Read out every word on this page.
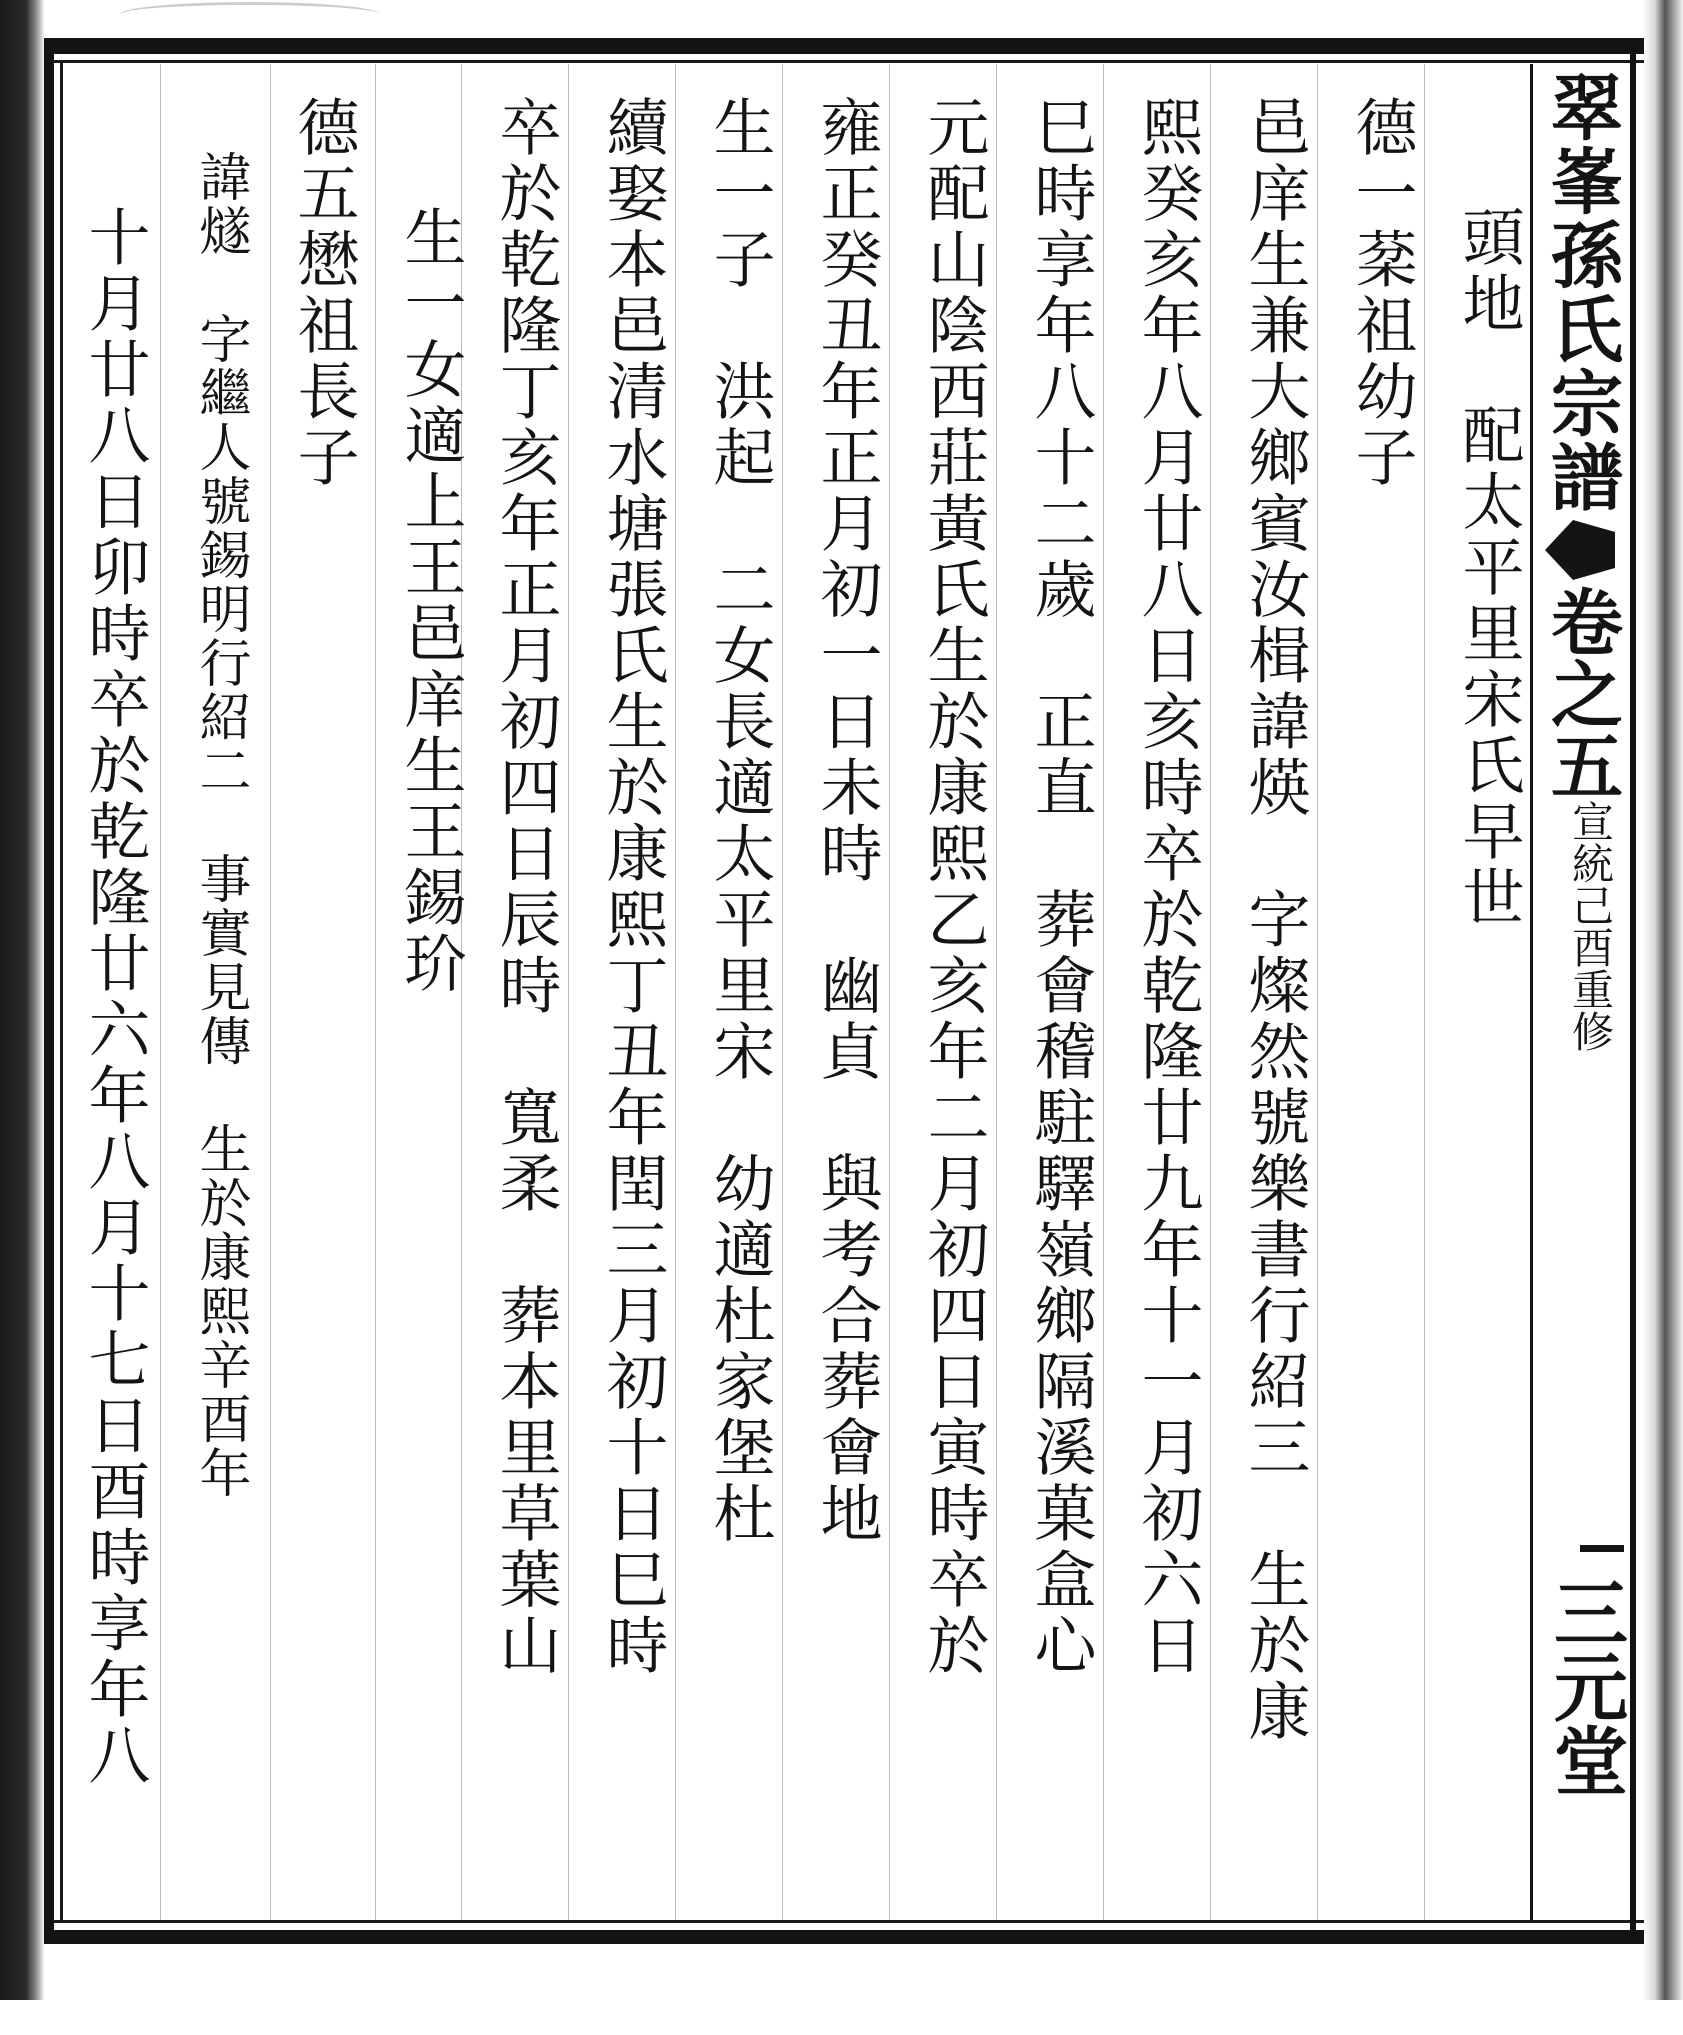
翠峯孫氏宗譜
卷之五
宣統己酉重修
三元堂
頭地　配太平里宋氏早世
德一棻祖幼子
邑庠生兼大鄉賓汝楫諱煐　字燦然號樂書行紹三　生於康
熙癸亥年八月廿八日亥時卒於乾隆廿九年十一月初六日
巳時享年八十二歲　正直　葬會稽駐驛嶺鄉隔溪菓盒心
元配山陰西莊黃氏生於康熙乙亥年二月初四日寅時卒於
雍正癸丑年正月初一日未時　幽貞　與考合葬會地
生一子　洪起　二女長適太平里宋　幼適杜家堡杜
續娶本邑清水塘張氏生於康熙丁丑年閏三月初十日巳時
卒於乾隆丁亥年正月初四日辰時　寬柔　葬本里草葉山
生一女適上王邑庠生王錫玠
德五懋祖長子
諱燧　字繼人號錫明行紹二　事實見傳　生於康熙辛酉年
十月廿八日卯時卒於乾隆廿六年八月十七日酉時享年八
